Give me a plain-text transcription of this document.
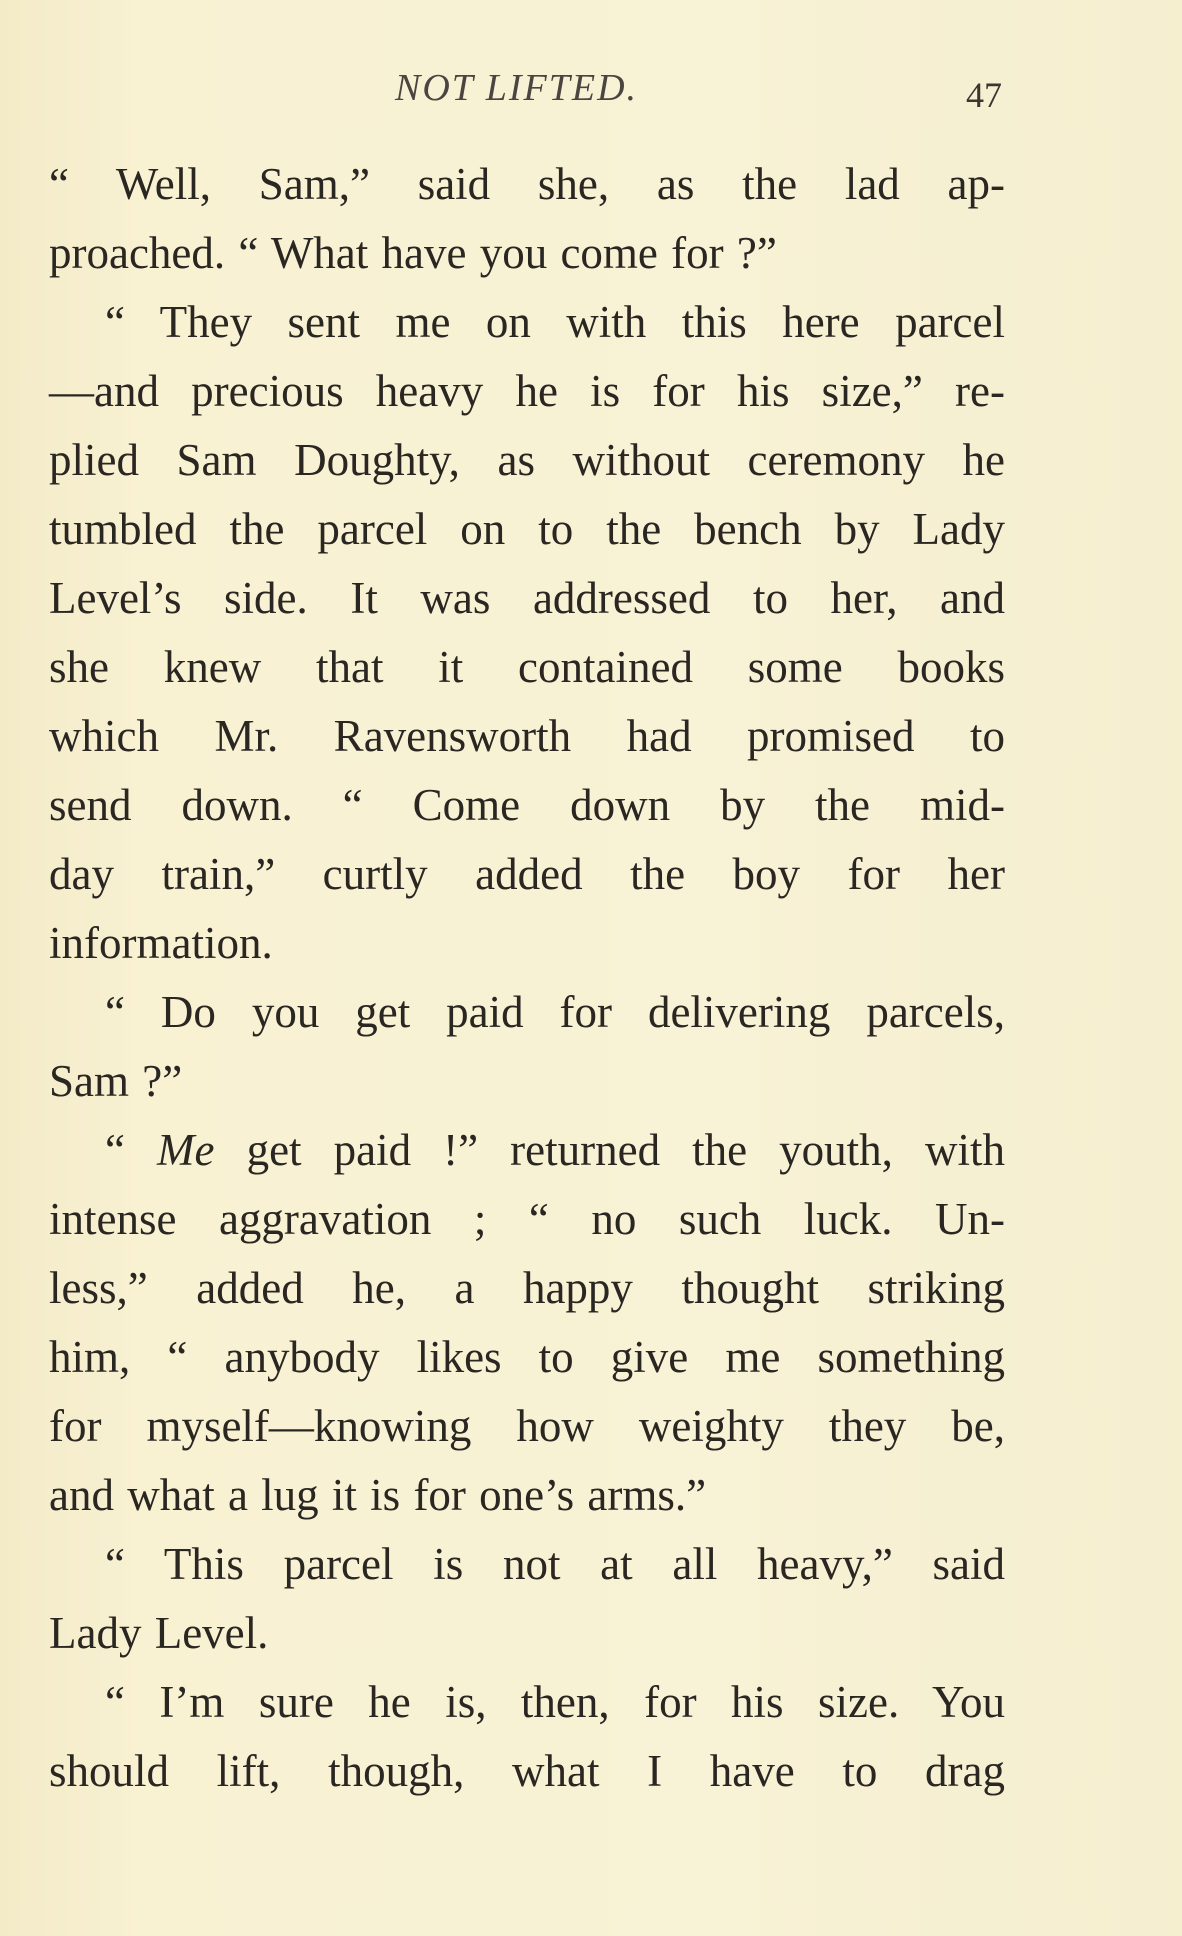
NOT LIFTED.	47
“ Well, Sam,” said she, as the lad ap-
proached. “ What have you come for ?”
“ They sent me on with this here parcel
—and precious heavy he is for his size,” re-
plied Sam Doughty, as without ceremony he
tumbled the parcel on to the bench by Lady
Level’s side. It was addressed to her, and
she knew that it contained some books
which Mr. Ravensworth had promised to
send down. “ Come down by the mid-
day train,” curtly added the boy for her
information.
“ Do you get paid for delivering parcels,
Sam ?”
“ Me get paid !” returned the youth, with
intense aggravation ; “ no such luck. Un-
less,” added he, a happy thought striking
him, “ anybody likes to give me something
for myself—knowing how weighty they be,
and what a lug it is for one’s arms.”
“ This parcel is not at all heavy,” said
Lady Level.
“ I’m sure he is, then, for his size. You
should lift, though, what I have to drag
